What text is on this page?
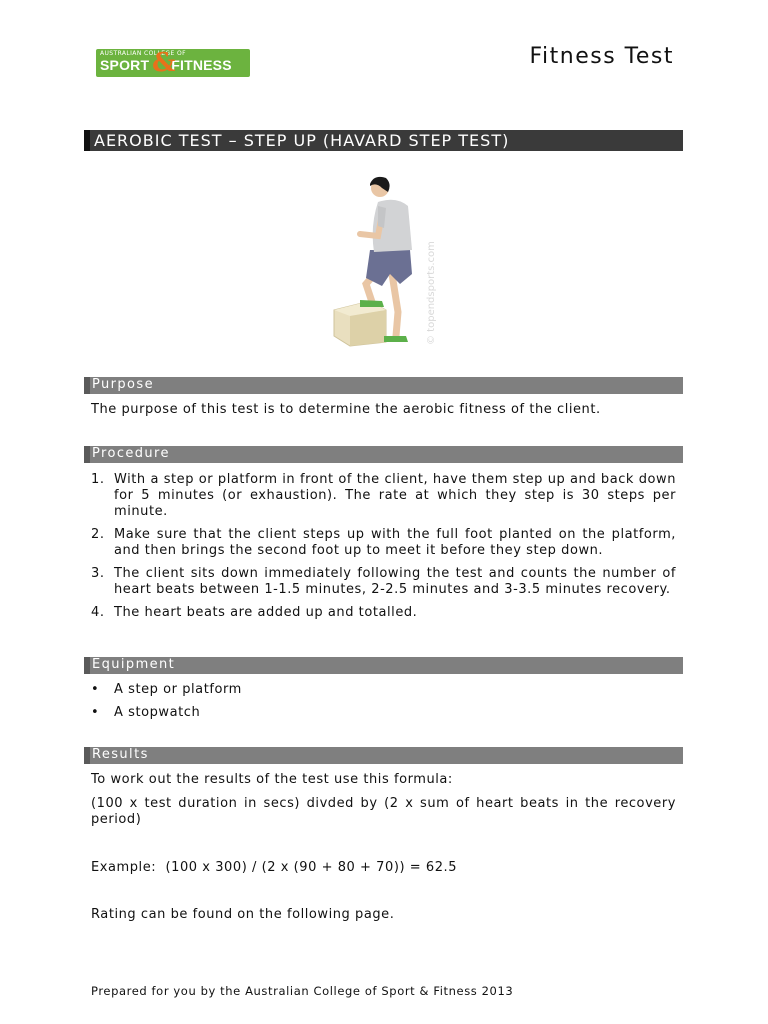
AUSTRALIAN COLLEGE OF
SPORT FITNESS
&	Fitness Test
AEROBIC TEST – STEP UP (HAVARD STEP TEST)
© topendsports.com
Purpose
The purpose of this test is to determine the aerobic fitness of the client.
Procedure
1. With a step or platform in front of the client, have them step up and back down for 5 minutes (or exhaustion). The rate at which they step is 30 steps per minute.
2. Make sure that the client steps up with the full foot planted on the platform, and then brings the second foot up to meet it before they step down.
3. The client sits down immediately following the test and counts the number of heart beats between 1-1.5 minutes, 2-2.5 minutes and 3-3.5 minutes recovery.
4. The heart beats are added up and totalled.
Equipment
• A step or platform
• A stopwatch
Results
To work out the results of the test use this formula:
(100 x test duration in secs) divded by (2 x sum of heart beats in the recovery period)
Example:  (100 x 300) / (2 x (90 + 80 + 70)) = 62.5
Rating can be found on the following page.
Prepared for you by the Australian College of Sport & Fitness 2013
